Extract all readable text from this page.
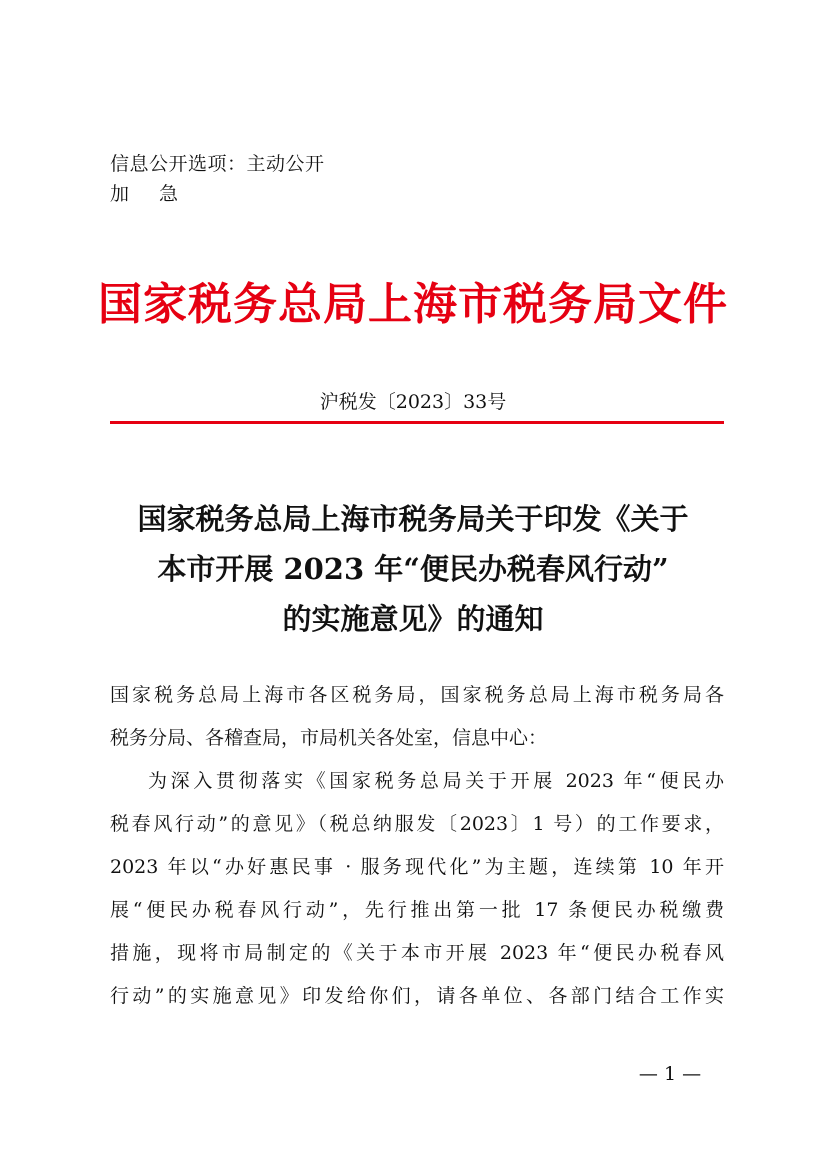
信息公开选项：主动公开
加 急
国家税务总局上海市税务局文件
沪税发〔2023〕33号
国家税务总局上海市税务局关于印发《关于
本市开展 2023 年“便民办税春风行动”
的实施意见》的通知
国家税务总局上海市各区税务局，国家税务总局上海市税务局各
税务分局、各稽查局，市局机关各处室，信息中心：
为深入贯彻落实《国家税务总局关于开展 2023 年“便民办
税春风行动”的意见》（税总纳服发〔2023〕1 号）的工作要求，
2023 年以“办好惠民事 · 服务现代化”为主题，连续第 10 年开
展“便民办税春风行动”，先行推出第一批 17 条便民办税缴费
措施，现将市局制定的《关于本市开展 2023 年“便民办税春风
行动”的实施意见》印发给你们，请各单位、各部门结合工作实
— 1 —
